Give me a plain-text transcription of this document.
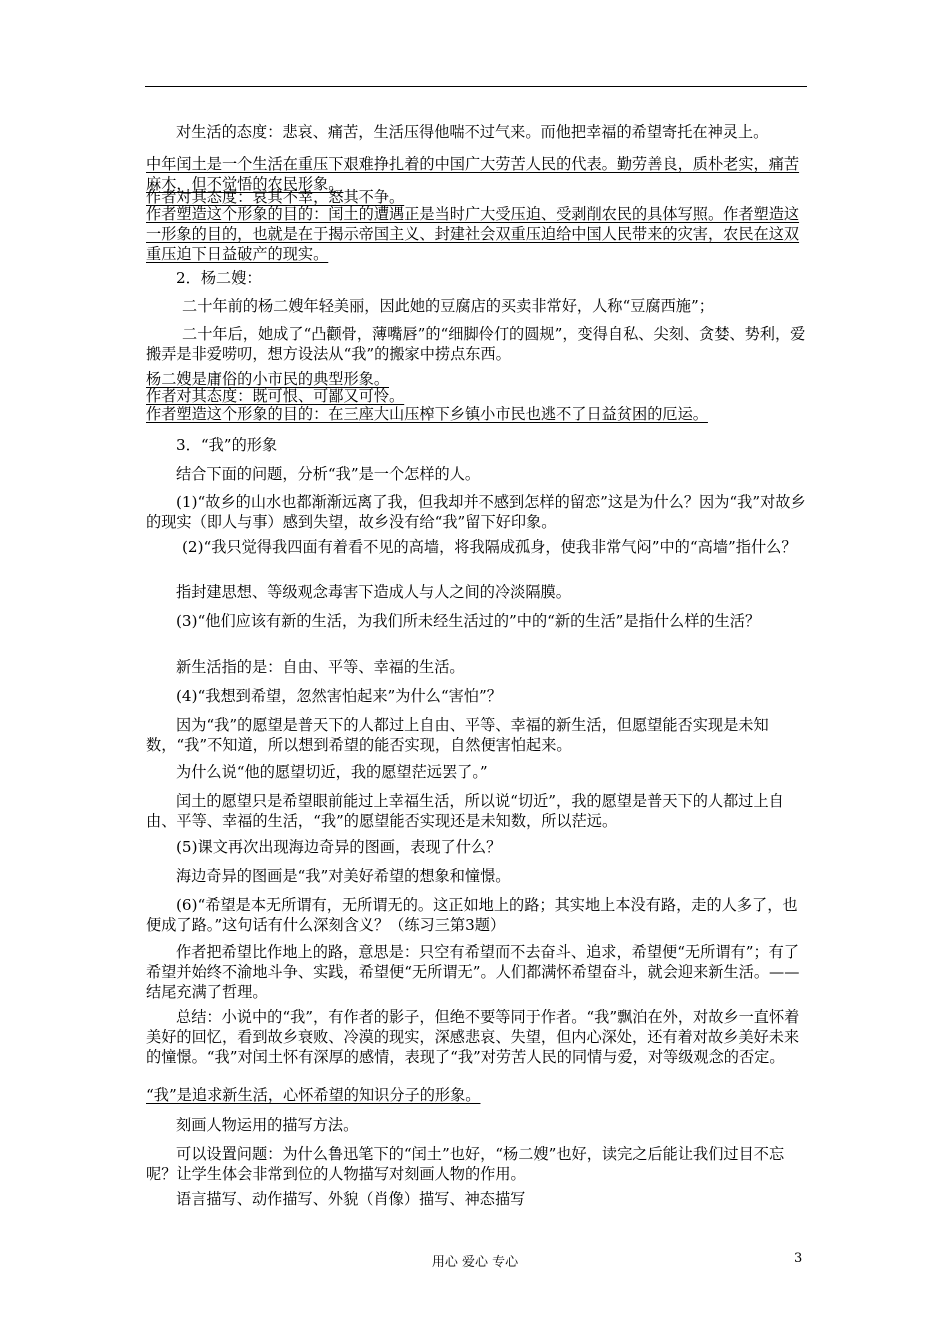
对生活的态度：悲哀、痛苦，生活压得他喘不过气来。而他把幸福的希望寄托在神灵上。
中年闰土是一个生活在重压下艰难挣扎着的中国广大劳苦人民的代表。勤劳善良，质朴老实，痛苦麻木，但不觉悟的农民形象。
作者对其态度：哀其不幸，怒其不争。
作者塑造这个形象的目的：闰土的遭遇正是当时广大受压迫、受剥削农民的具体写照。作者塑造这一形象的目的，也就是在于揭示帝国主义、封建社会双重压迫给中国人民带来的灾害，农民在这双重压迫下日益破产的现实。
2．杨二嫂：
二十年前的杨二嫂年轻美丽，因此她的豆腐店的买卖非常好，人称“豆腐西施”；
二十年后，她成了“凸颧骨，薄嘴唇”的“细脚伶仃的圆规”，变得自私、尖刻、贪婪、势利，爱搬弄是非爱唠叨，想方设法从“我”的搬家中捞点东西。
杨二嫂是庸俗的小市民的典型形象。
作者对其态度：既可恨、可鄙又可怜。
作者塑造这个形象的目的：在三座大山压榨下乡镇小市民也逃不了日益贫困的厄运。
3．“我”的形象
结合下面的问题，分析“我”是一个怎样的人。
(1)“故乡的山水也都渐渐远离了我，但我却并不感到怎样的留恋”这是为什么？因为“我”对故乡的现实（即人与事）感到失望，故乡没有给“我”留下好印象。
(2)“我只觉得我四面有着看不见的高墙，将我隔成孤身，使我非常气闷”中的“高墙”指什么？
指封建思想、等级观念毒害下造成人与人之间的冷淡隔膜。
(3)“他们应该有新的生活，为我们所未经生活过的”中的“新的生活”是指什么样的生活？
新生活指的是：自由、平等、幸福的生活。
(4)“我想到希望，忽然害怕起来”为什么“害怕”？
因为“我”的愿望是普天下的人都过上自由、平等、幸福的新生活，但愿望能否实现是未知数，“我”不知道，所以想到希望的能否实现，自然便害怕起来。
为什么说“他的愿望切近，我的愿望茫远罢了。”
闰土的愿望只是希望眼前能过上幸福生活，所以说“切近”，我的愿望是普天下的人都过上自由、平等、幸福的生活，“我”的愿望能否实现还是未知数，所以茫远。
(5)课文再次出现海边奇异的图画，表现了什么？
海边奇异的图画是“我”对美好希望的想象和憧憬。
(6)“希望是本无所谓有，无所谓无的。这正如地上的路；其实地上本没有路，走的人多了，也便成了路。”这句话有什么深刻含义？（练习三第3题）
作者把希望比作地上的路，意思是：只空有希望而不去奋斗、追求，希望便“无所谓有”；有了希望并始终不渝地斗争、实践，希望便“无所谓无”。人们都满怀希望奋斗，就会迎来新生活。——结尾充满了哲理。
总结：小说中的“我”，有作者的影子，但绝不要等同于作者。“我”飘泊在外，对故乡一直怀着美好的回忆，看到故乡衰败、冷漠的现实，深感悲哀、失望，但内心深处，还有着对故乡美好未来的憧憬。“我”对闰土怀有深厚的感情，表现了“我”对劳苦人民的同情与爱，对等级观念的否定。
“我”是追求新生活，心怀希望的知识分子的形象。
刻画人物运用的描写方法。
可以设置问题：为什么鲁迅笔下的“闰土”也好，“杨二嫂”也好，读完之后能让我们过目不忘呢？让学生体会非常到位的人物描写对刻画人物的作用。
语言描写、动作描写、外貌（肖像）描写、神态描写
用心 爱心 专心	3
